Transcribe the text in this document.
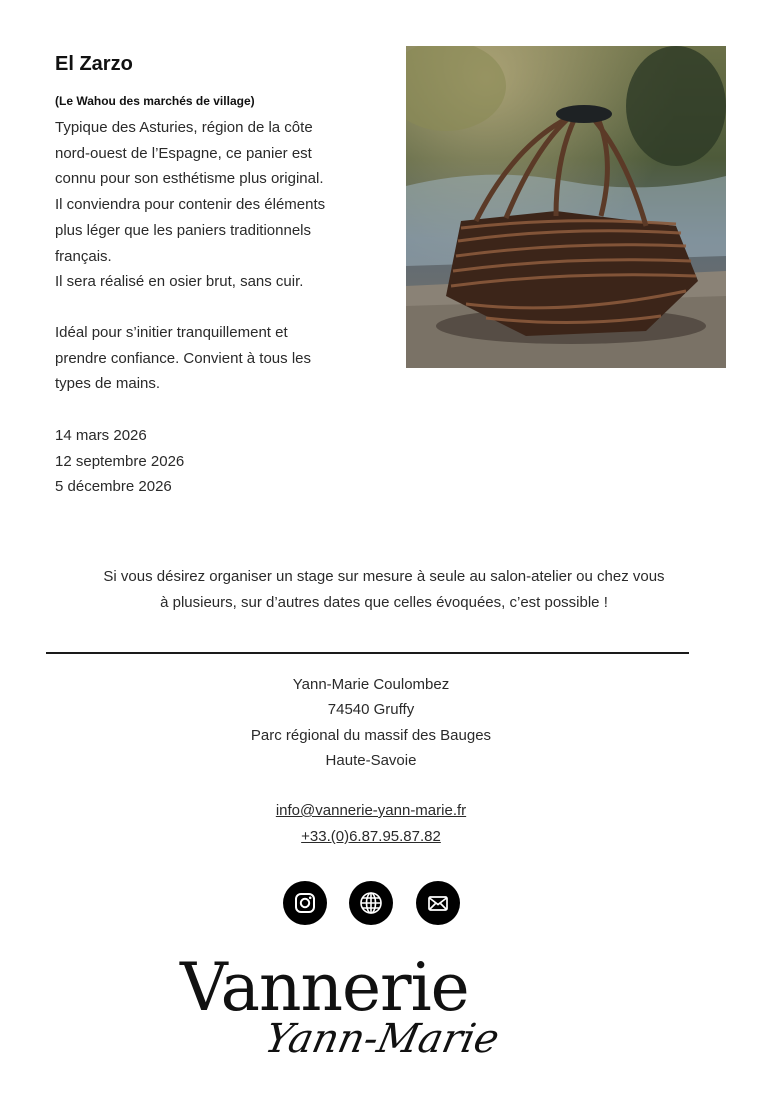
El Zarzo

(Le Wahou des marchés de village)

Typique des Asturies, région de la côte
nord-ouest de l’Espagne, ce panier est
connu pour son esthétisme plus original.
Il conviendra pour contenir des éléments
plus léger que les paniers traditionnels
français.
Il sera réalisé en osier brut, sans cuir.

Idéal pour s’initier tranquillement et
prendre confiance. Convient à tous les
types de mains.

14 mars 2026
12 septembre 2026
5 décembre 2026

Si vous désirez organiser un stage sur mesure à seule au salon-atelier ou chez vous
à plusieurs, sur d’autres dates que celles évoquées, c’est possible !

Yann-Marie Coulombez
74540 Gruffy
Parc régional du massif des Bauges
Haute-Savoie

info@vannerie-yann-marie.fr
+33.(0)6.87.95.87.82
Vannerie
Yann-Marie
